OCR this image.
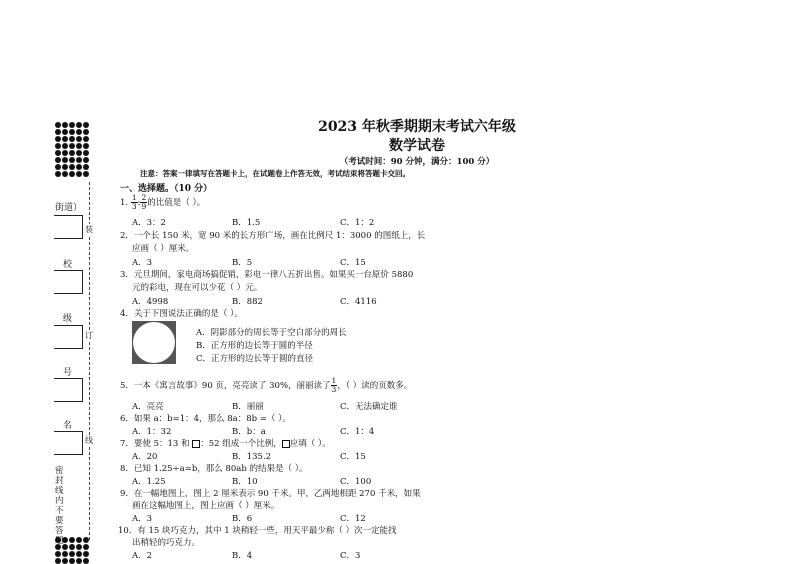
街道）
校
级
号
名
装
订
线
密封线内不要答题
2023 年秋季期期末考试六年级
数学试卷
（考试时间：90 分钟，满分：100 分）
注意：答案一律填写在答题卡上，在试题卷上作答无效，考试结束将答题卡交回。
一、选择题。（10 分）
1. $\frac{1}{3}$ : $\frac{2}{9}$ 的比值是（ ）。
A．3：2	B．1.5	C．1：2
2．一个长 150 米，宽 90 米的长方形广场，画在比例尺 1：3000 的图纸上，长
应画（ ）厘米。
A．3	B．5	C．15
3．元旦期间，家电商场搞促销，彩电一律八五折出售。如果买一台原价 5880
元的彩电，现在可以少花（ ）元。
A．4998	B．882	C．4116
4．关于下图说法正确的是（ ）。
A．阴影部分的周长等于空白部分的周长
B．正方形的边长等于圆的半径
C．正方形的边长等于圆的直径
5．一本《寓言故事》90 页，亮亮读了 30%，丽丽读了 $\frac{1}{3}$ ，（ ）读的页数多。
A．亮亮	B．丽丽	C．无法确定谁
6．如果 a：b=1：4，那么 8a：8b =（ ）。
A．1：32	B．b：a	C．1：4
7．要使 5：13 和 ：52 组成一个比例， 应填（ ）。
A．20	B．135.2	C．15
8．已知 1.25÷a=b，那么 80ab 的结果是（ ）。
A．1.25	B．10	C．100
9．在一幅地图上，图上 2 厘米表示 90 千米。甲，乙两地相距 270 千米，如果
画在这幅地图上，图上应画（ ）厘米。
A．3	B．6	C．12
10．有 15 块巧克力，其中 1 块稍轻一些，用天平最少称（ ）次一定能找
出稍轻的巧克力。
A．2	B．4	C．3
